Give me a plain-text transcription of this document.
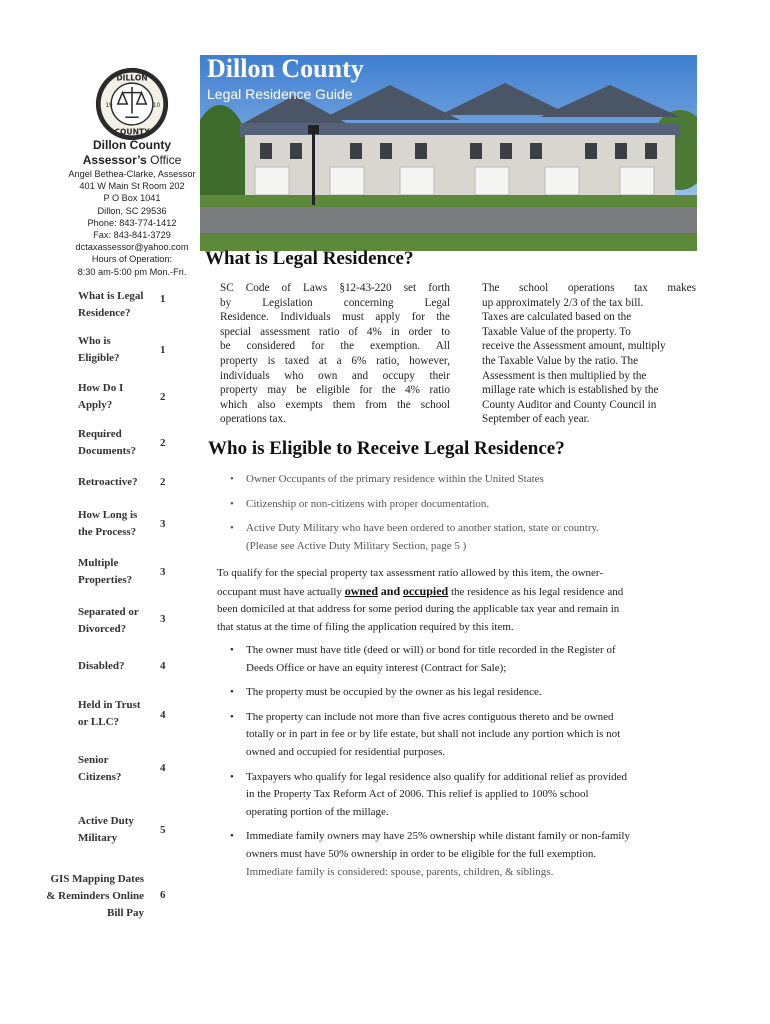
DILLON
COUNTY
19	10
Dillon County
Assessor’s Office
Angel Bethea-Clarke, Assessor
401 W Main St Room 202
P O Box 1041
Dillon, SC 29536
Phone: 843-774-1412
Fax: 843-841-3729
dctaxassessor@yahoo.com
Hours of Operation:
8:30 am-5:00 pm Mon.-Fri.
Dillon County
Legal Residence Guide
What is Legal Residence?
1
Who is Eligible?
1
How Do I Apply?
2
Required Documents?
2
Retroactive?	2
How Long is the Process?
3
Multiple Properties?
3
Separated or Divorced?
3
Disabled?	4
Held in Trust or LLC?
4
Senior Citizens?
4
Active Duty Military
5
GIS Mapping Dates & Reminders Online Bill Pay
6
What is Legal Residence?
SC Code of Laws §12-43-220 set forth
by Legislation concerning Legal
Residence. Individuals must apply for the
special assessment ratio of 4% in order to
be considered for the exemption. All
property is taxed at a 6% ratio, however,
individuals who own and occupy their
property may be eligible for the 4% ratio
which also exempts them from the school
operations tax.
The school operations tax makes
up approximately 2/3 of the tax bill.
Taxes are calculated based on the
Taxable Value of the property. To
receive the Assessment amount, multiply
the Taxable Value by the ratio. The
Assessment is then multiplied by the
millage rate which is established by the
County Auditor and County Council in
September of each year.
Who is Eligible to Receive Legal Residence?
• Owner Occupants of the primary residence within the United States
• Citizenship or non-citizens with proper documentation.
• Active Duty Military who have been ordered to another station, state or country.
(Please see Active Duty Military Section, page 5 )
To qualify for the special property tax assessment ratio allowed by this item, the owner-
occupant must have actually owned and occupied the residence as his legal residence and
been domiciled at that address for some period during the applicable tax year and remain in
that status at the time of filing the application required by this item.
• The owner must have title (deed or will) or bond for title recorded in the Register of
Deeds Office or have an equity interest (Contract for Sale);
• The property must be occupied by the owner as his legal residence.
• The property can include not more than five acres contiguous thereto and be owned
totally or in part in fee or by life estate, but shall not include any portion which is not
owned and occupied for residential purposes.
• Taxpayers who qualify for legal residence also qualify for additional relief as provided
in the Property Tax Reform Act of 2006. This relief is applied to 100% school
operating portion of the millage.
• Immediate family owners may have 25% ownership while distant family or non-family
owners must have 50% ownership in order to be eligible for the full exemption.
Immediate family is considered: spouse, parents, children, & siblings.
